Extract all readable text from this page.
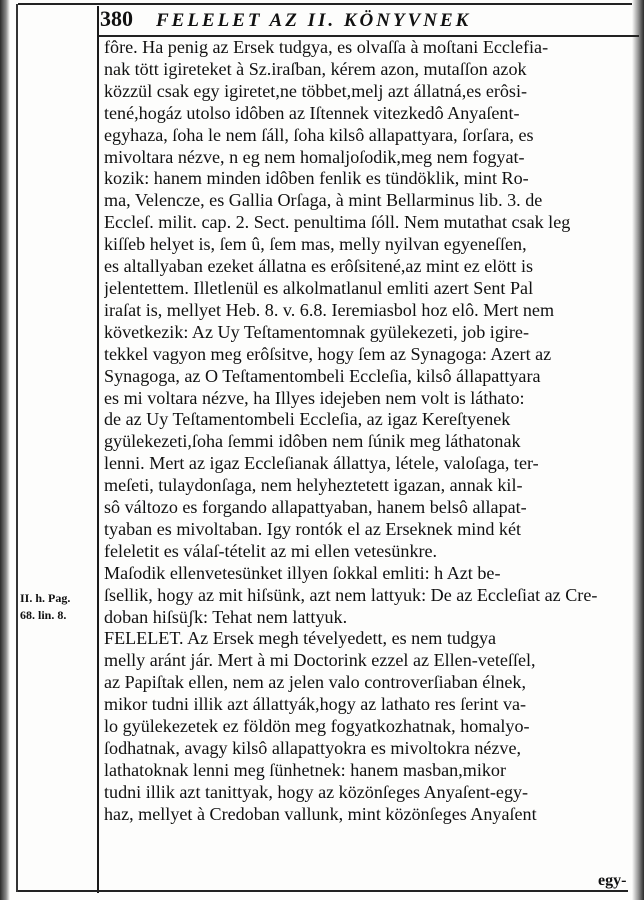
380	FELELET AZ II. KÖNYVNEK
II. h. Pag.
68. lin. 8.
fôre. Ha penig az Ersek tudgya, es olvaſſa à moſtani Ecclefia-
nak tött igireteket à Sz.iraſban, kérem azon, mutaſſon azok
közzül csak egy igiretet,ne többet,melj azt állatná,es erôsi-
tené,hogáz utolso idôben az Iſtennek vitezkedô Anyaſent-
egyhaza, ſoha le nem ſáll, ſoha kilsô allapattyara, ſorſara, es
mivoltara nézve, n eg nem homaljoſodik,meg nem fogyat-
kozik: hanem minden idôben fenlik es tündöklik, mint Ro-
ma, Velencze, es Gallia Orſaga, à mint Bellarminus lib. 3. de
Eccleſ. milit. cap. 2. Sect. penultima ſóll. Nem mutathat csak leg
kiſſeb helyet is, ſem û, ſem mas, melly nyilvan egyeneſſen,
es altallyaban ezeket állatna es erôſsitené,az mint ez elött is
jelentettem. Illetlenül es alkolmatlanul emliti azert Sent Pal
iraſat is, mellyet Heb. 8. v. 6.8. Ieremiasbol hoz elô. Mert nem
következik: Az Uy Teſtamentomnak gyülekezeti, job igire-
tekkel vagyon meg erôſsitve, hogy ſem az Synagoga: Azert az
Synagoga, az O Teſtamentombeli Eccleſia, kilsô állapattyara
es mi voltara nézve, ha Illyes idejeben nem volt is láthato:
de az Uy Teſtamentombeli Eccleſia, az igaz Kereſtyenek
gyülekezeti,ſoha ſemmi idôben nem ſúnik meg láthatonak
lenni. Mert az igaz Eccleſianak állattya, létele, valoſaga, ter-
meſeti, tulaydonſaga, nem helyheztetett igazan, annak kil-
sô változo es forgando allapattyaban, hanem belsô allapat-
tyaban es mivoltaban. Igy rontók el az Erseknek mind két
feleletit es válaſ-tételit az mi ellen vetesünkre.
Maſodik ellenvetesünket illyen ſokkal emliti: h Azt be-
ſsellik, hogy az mit hiſsünk, azt nem lattyuk: De az Eccleſiat az Cre-
doban hiſsüʃk: Tehat nem lattyuk.
FELELET. Az Ersek megh tévelyedett, es nem tudgya
melly aránt jár. Mert à mi Doctorink ezzel az Ellen-veteſſel,
az Papiſtak ellen, nem az jelen valo controverſiaban élnek,
mikor tudni illik azt állattyák,hogy az lathato res ſerint va-
lo gyülekezetek ez földön meg fogyatkozhatnak, homalyo-
ſodhatnak, avagy kilsô allapattyokra es mivoltokra nézve,
lathatoknak lenni meg ſünhetnek: hanem masban,mikor
tudni illik azt tanittyak, hogy az közönſeges Anyaſent-egy-
haz, mellyet à Credoban vallunk, mint közönſeges Anyaſent
egy-
